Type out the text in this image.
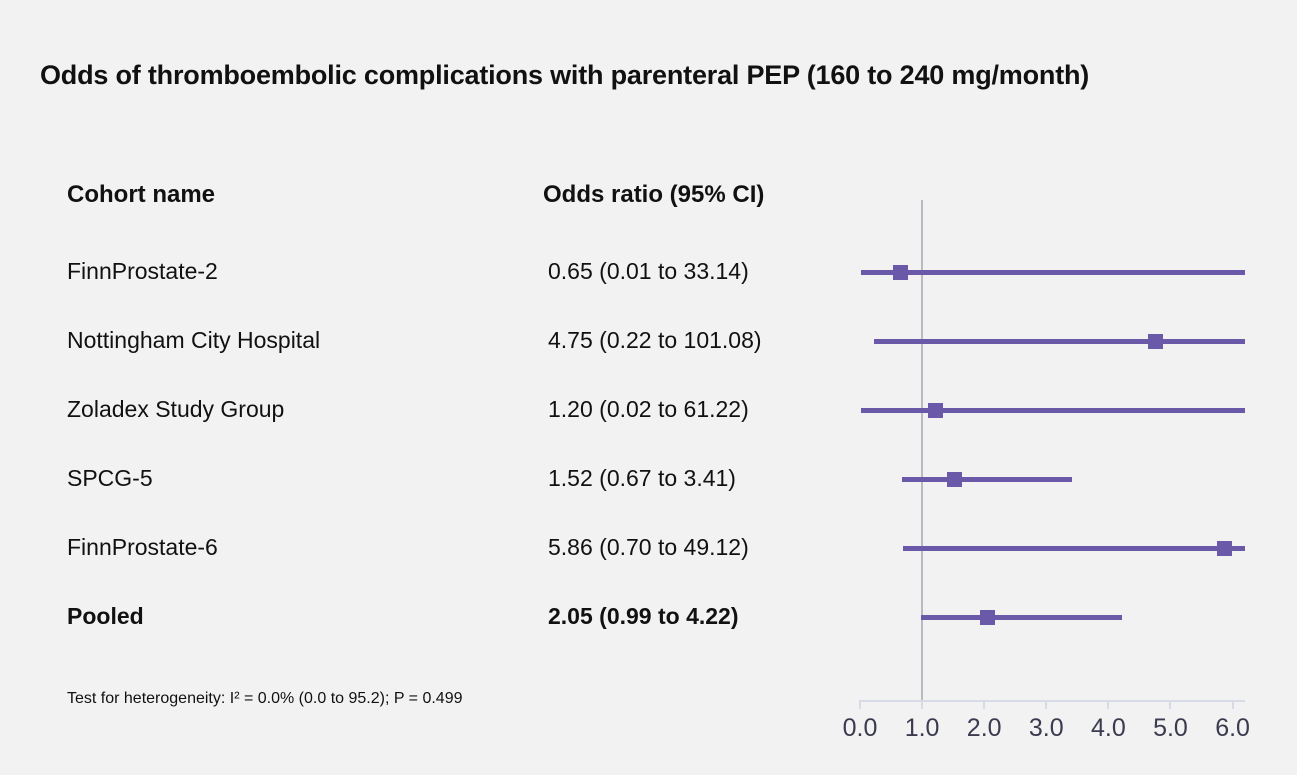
Odds of thromboembolic complications with parenteral PEP (160 to 240 mg/month)
Cohort name	Odds ratio (95% CI)
FinnProstate-2	0.65 (0.01 to 33.14)
Nottingham City Hospital	4.75 (0.22 to 101.08)
Zoladex Study Group	1.20 (0.02 to 61.22)
SPCG-5	1.52 (0.67 to 3.41)
FinnProstate-6	5.86 (0.70 to 49.12)
Pooled	2.05 (0.99 to 4.22)
0.0 1.0 2.0 3.0 4.0 5.0 6.0
Test for heterogeneity: I² = 0.0% (0.0 to 95.2); P = 0.499
